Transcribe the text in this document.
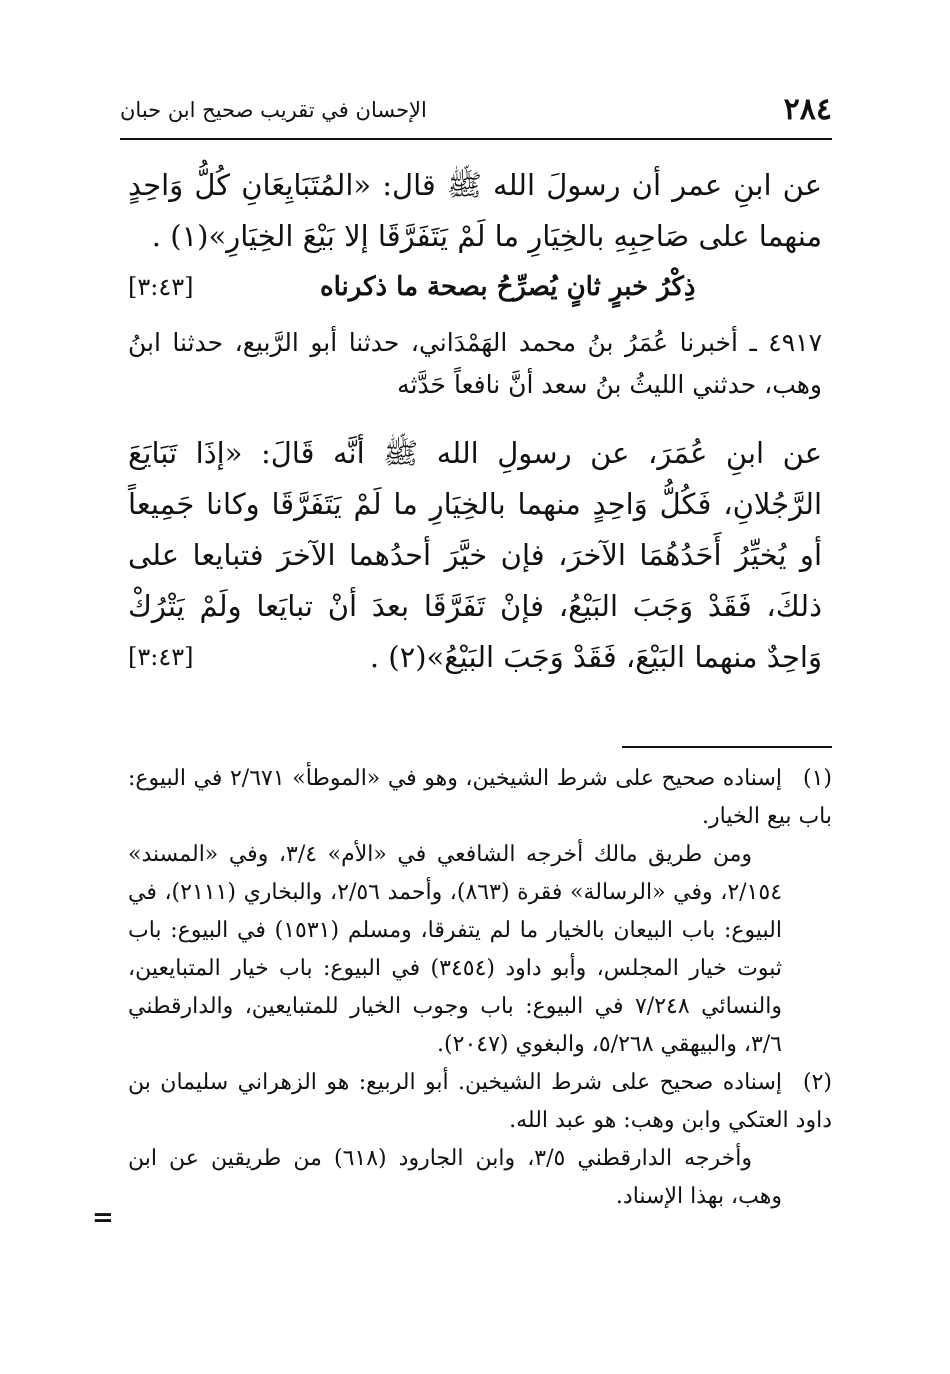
٢٨٤
الإحسان في تقريب صحيح ابن حبان

عن ابنِ عمر أن رسولَ الله ﷺ قال: «المُتَبَايِعَانِ كُلُّ وَاحِدٍ منهما على صَاحِبِهِ بالخِيَارِ ما لَمْ يَتَفَرَّقَا إلا بَيْعَ الخِيَارِ»(١) .
[٣:٤٣]	ذِكْرُ خبرٍ ثانٍ يُصرِّحُ بصحة ما ذكرناه

٤٩١٧ ـ أخبرنا عُمَرُ بنُ محمد الهَمْدَاني، حدثنا أبو الرَّبيع، حدثنا ابنُ وهب، حدثني الليثُ بنُ سعد أنَّ نافعاً حَدَّثه

عن ابنِ عُمَرَ، عن رسولِ الله ﷺ أنَّه قَالَ: «إذَا تَبَايَعَ الرَّجُلانِ، فَكُلُّ وَاحِدٍ منهما بالخِيَارِ ما لَمْ يَتَفَرَّقَا وكانا جَمِيعاً أو يُخيِّرُ أَحَدُهُمَا الآخرَ، فإن خيَّرَ أحدُهما الآخرَ فتبايعا على ذلكَ، فَقَدْ وَجَبَ البَيْعُ، فإنْ تَفَرَّقَا بعدَ أنْ تبايَعا ولَمْ يَتْرُكْ وَاحِدٌ منهما البَيْعَ، فَقَدْ وَجَبَ البَيْعُ»(٢) .
[٣:٤٣]

(١)إسناده صحيح على شرط الشيخين، وهو في «الموطأ» ٢/٦٧١ في البيوع: باب بيع الخيار.

ومن طريق مالك أخرجه الشافعي في «الأم» ٣/٤، وفي «المسند» ٢/١٥٤، وفي «الرسالة» فقرة (٨٦٣)، وأحمد ٢/٥٦، والبخاري (٢١١١)، في البيوع: باب البيعان بالخيار ما لم يتفرقا، ومسلم (١٥٣١) في البيوع: باب ثبوت خيار المجلس، وأبو داود (٣٤٥٤) في البيوع: باب خيار المتبايعين، والنسائي ٧/٢٤٨ في البيوع: باب وجوب الخيار للمتبايعين، والدارقطني ٣/٦، والبيهقي ٥/٢٦٨، والبغوي (٢٠٤٧).

(٢)إسناده صحيح على شرط الشيخين. أبو الربيع: هو الزهراني سليمان بن داود العتكي وابن وهب: هو عبد الله.

وأخرجه الدارقطني ٣/٥، وابن الجارود (٦١٨) من طريقين عن ابن وهب، بهذا الإسناد.

=
